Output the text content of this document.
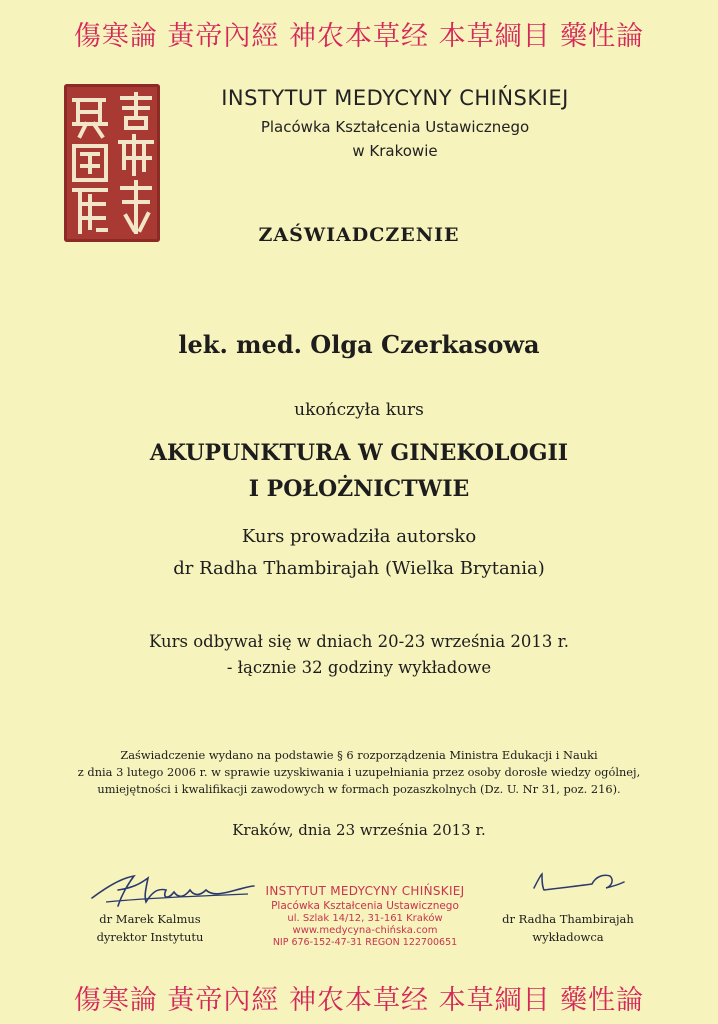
傷寒論 黃帝內經 神农本草经 本草綱目 藥性論
INSTYTUT MEDYCYNY CHIŃSKIEJ
Placówka Kształcenia Ustawicznego
w Krakowie
ZAŚWIADCZENIE
lek. med. Olga Czerkasowa
ukończyła kurs
AKUPUNKTURA W GINEKOLOGII
I POŁOŻNICTWIE
Kurs prowadziła autorsko
dr Radha Thambirajah (Wielka Brytania)
Kurs odbywał się w dniach 20-23 września 2013 r.
- łącznie 32 godziny wykładowe
Zaświadczenie wydano na podstawie § 6 rozporządzenia Ministra Edukacji i Nauki
z dnia 3 lutego 2006 r. w sprawie uzyskiwania i uzupełniania przez osoby dorosłe wiedzy ogólnej,
umiejętności i kwalifikacji zawodowych w formach pozaszkolnych (Dz. U. Nr 31, poz. 216).
Kraków, dnia 23 września 2013 r.
INSTYTUT MEDYCYNY CHIŃSKIEJ
Placówka Kształcenia Ustawicznego
ul. Szlak 14/12, 31-161 Kraków
www.medycyna-chińska.com
NIP 676-152-47-31 REGON 122700651
dr Marek Kalmus
dyrektor Instytutu
dr Radha Thambirajah
wykładowca
傷寒論 黃帝內經 神农本草经 本草綱目 藥性論
